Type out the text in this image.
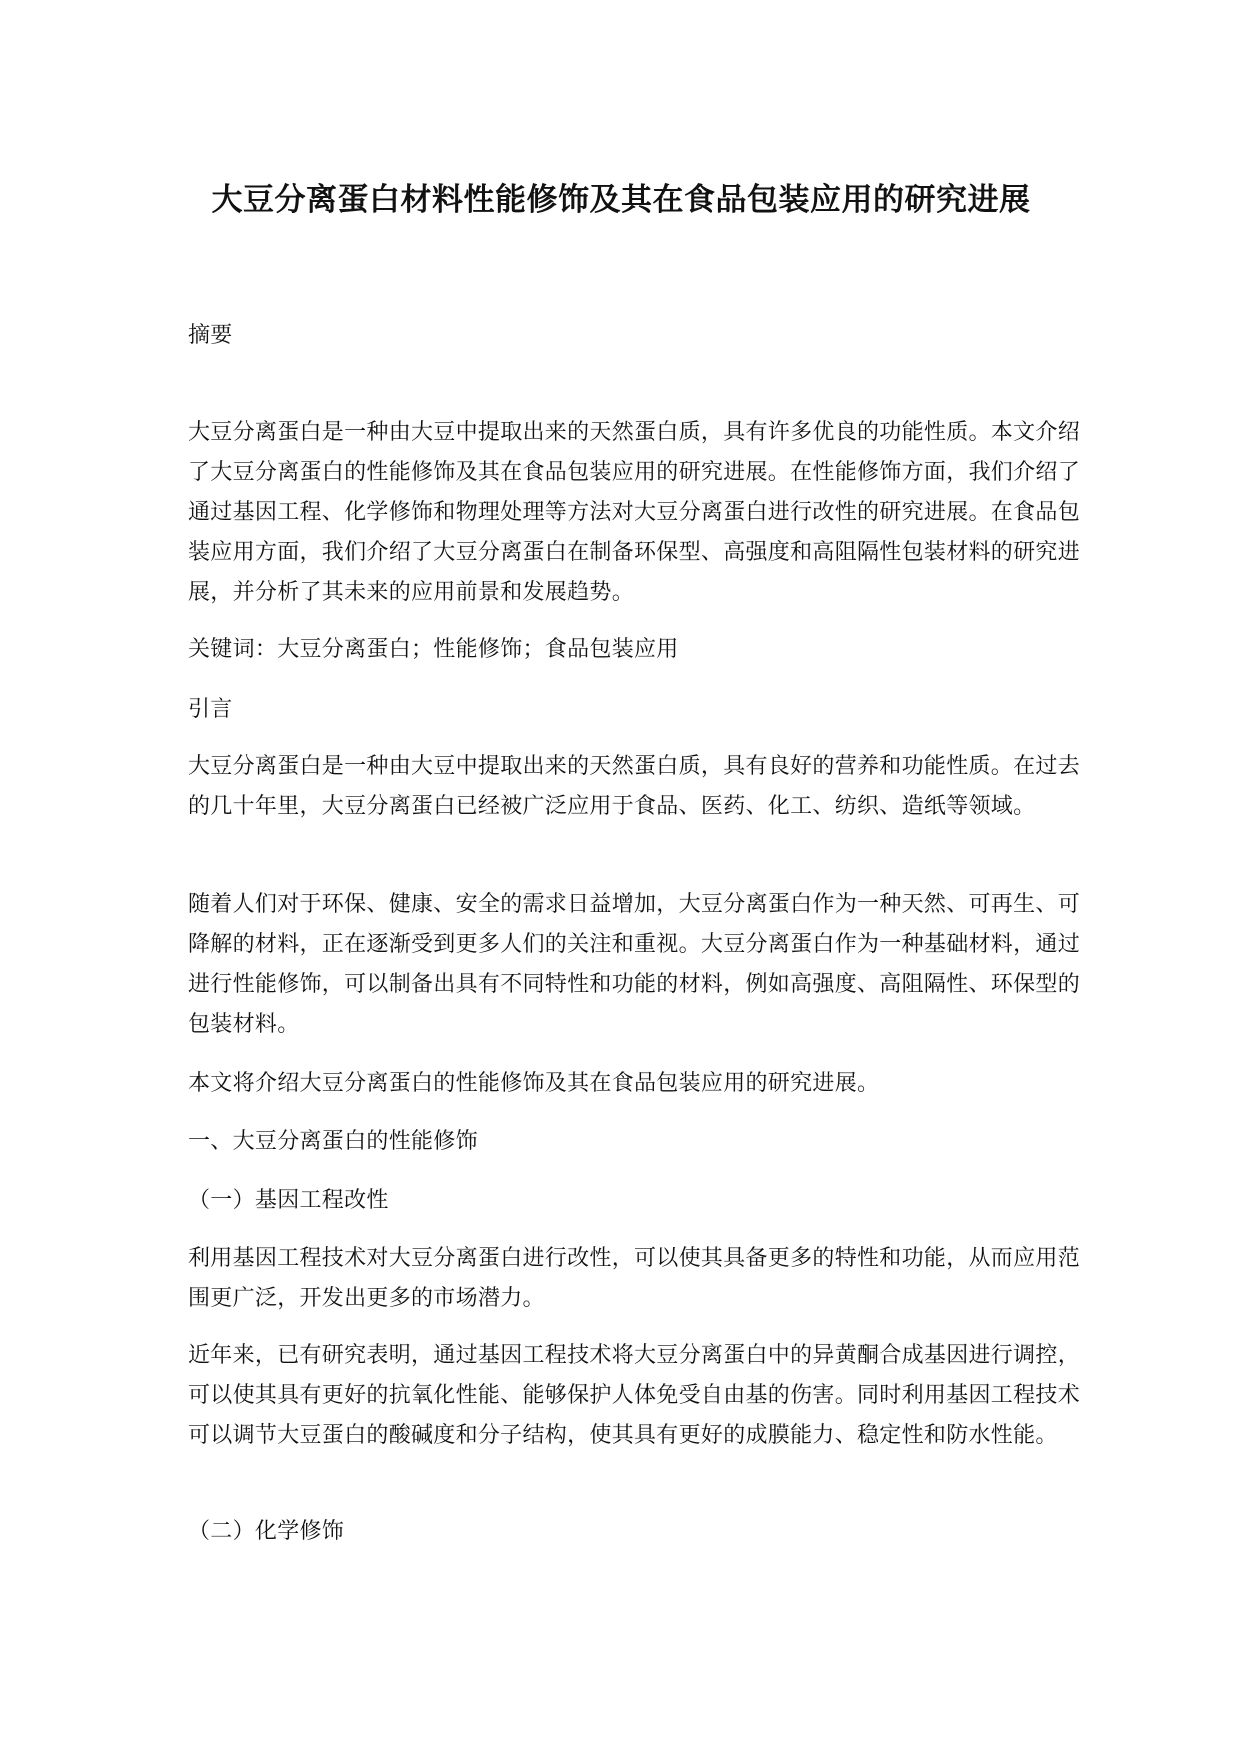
大豆分离蛋白材料性能修饰及其在食品包装应用的研究进展

摘要

大豆分离蛋白是一种由大豆中提取出来的天然蛋白质，具有许多优良的功能性质。本文介绍了大豆分离蛋白的性能修饰及其在食品包装应用的研究进展。在性能修饰方面，我们介绍了通过基因工程、化学修饰和物理处理等方法对大豆分离蛋白进行改性的研究进展。在食品包装应用方面，我们介绍了大豆分离蛋白在制备环保型、高强度和高阻隔性包装材料的研究进展，并分析了其未来的应用前景和发展趋势。

关键词：大豆分离蛋白；性能修饰；食品包装应用

引言

大豆分离蛋白是一种由大豆中提取出来的天然蛋白质，具有良好的营养和功能性质。在过去的几十年里，大豆分离蛋白已经被广泛应用于食品、医药、化工、纺织、造纸等领域。

随着人们对于环保、健康、安全的需求日益增加，大豆分离蛋白作为一种天然、可再生、可降解的材料，正在逐渐受到更多人们的关注和重视。大豆分离蛋白作为一种基础材料，通过进行性能修饰，可以制备出具有不同特性和功能的材料，例如高强度、高阻隔性、环保型的包装材料。

本文将介绍大豆分离蛋白的性能修饰及其在食品包装应用的研究进展。

一、大豆分离蛋白的性能修饰

（一）基因工程改性

利用基因工程技术对大豆分离蛋白进行改性，可以使其具备更多的特性和功能，从而应用范围更广泛，开发出更多的市场潜力。

近年来，已有研究表明，通过基因工程技术将大豆分离蛋白中的异黄酮合成基因进行调控，可以使其具有更好的抗氧化性能、能够保护人体免受自由基的伤害。同时利用基因工程技术可以调节大豆蛋白的酸碱度和分子结构，使其具有更好的成膜能力、稳定性和防水性能。

（二）化学修饰
